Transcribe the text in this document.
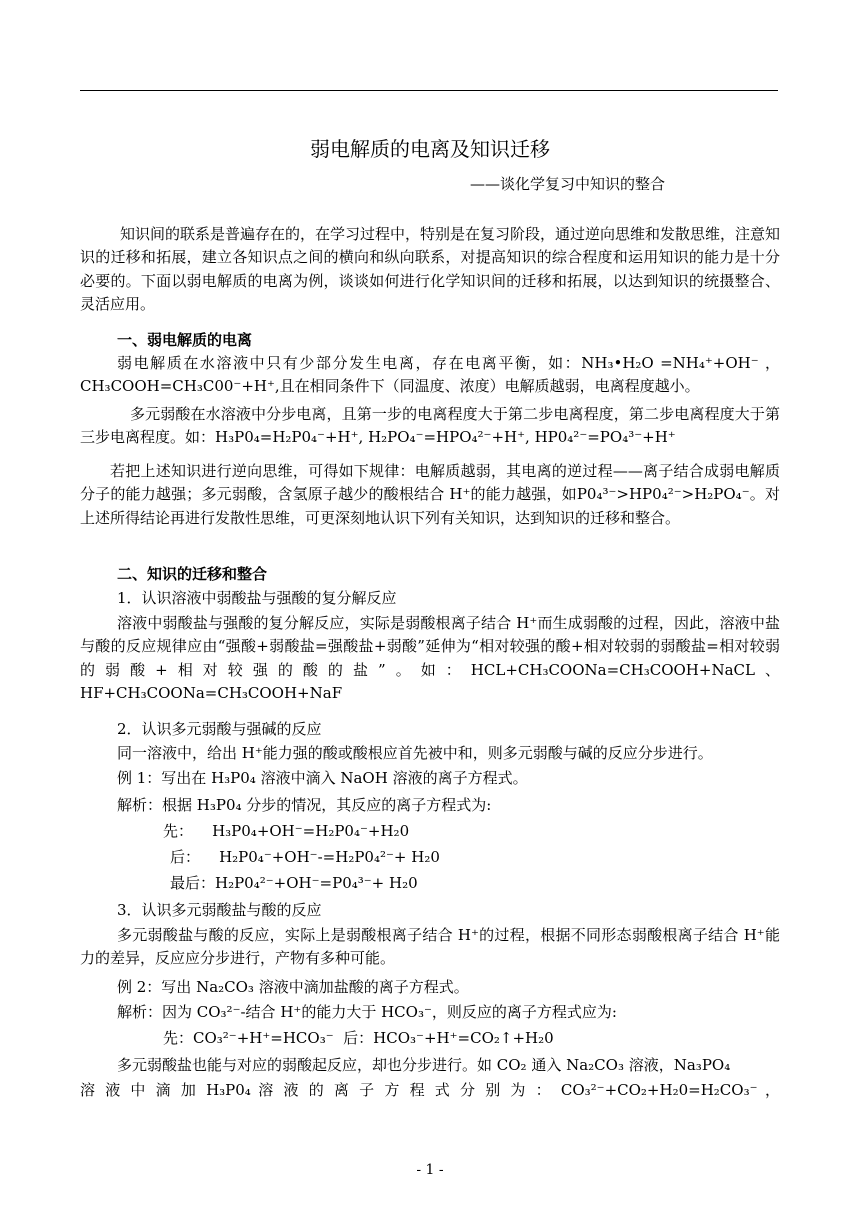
弱电解质的电离及知识迁移
——谈化学复习中知识的整合

知识间的联系是普遍存在的，在学习过程中，特别是在复习阶段，通过逆向思维和发散思维，注意知识的迁移和拓展，建立各知识点之间的横向和纵向联系，对提高知识的综合程度和运用知识的能力是十分必要的。下面以弱电解质的电离为例，谈谈如何进行化学知识间的迁移和拓展，以达到知识的统摄整合、灵活应用。

一、弱电解质的电离

弱电解质在水溶液中只有少部分发生电离，存在电离平衡，如：NH₃•H₂O =NH₄⁺+OH⁻ ，CH₃COOH=CH₃C00⁻+H⁺,且在相同条件下（同温度、浓度）电解质越弱，电离程度越小。

多元弱酸在水溶液中分步电离，且第一步的电离程度大于第二步电离程度，第二步电离程度大于第三步电离程度。如：H₃P0₄=H₂P0₄⁻+H⁺, H₂PO₄⁻=HPO₄²⁻+H⁺, HP0₄²⁻=PO₄³⁻+H⁺

若把上述知识进行逆向思维，可得如下规律：电解质越弱，其电离的逆过程——离子结合成弱电解质分子的能力越强；多元弱酸，含氢原子越少的酸根结合 H⁺的能力越强，如P0₄³⁻>HP0₄²⁻>H₂PO₄⁻。对上述所得结论再进行发散性思维，可更深刻地认识下列有关知识，达到知识的迁移和整合。

二、知识的迁移和整合

1．认识溶液中弱酸盐与强酸的复分解反应

溶液中弱酸盐与强酸的复分解反应，实际是弱酸根离子结合 H⁺而生成弱酸的过程，因此，溶液中盐与酸的反应规律应由“强酸+弱酸盐=强酸盐+弱酸”延伸为“相对较强的酸+相对较弱的弱酸盐=相对较弱的弱酸+相对较强的酸的盐”。如：HCL+CH₃COONa=CH₃COOH+NaCL、HF+CH₃COONa=CH₃COOH+NaF

2．认识多元弱酸与强碱的反应

同一溶液中，给出 H⁺能力强的酸或酸根应首先被中和，则多元弱酸与碱的反应分步进行。

例 1：写出在 H₃P0₄ 溶液中滴入 NaOH 溶液的离子方程式。

解析：根据 H₃P0₄ 分步的情况，其反应的离子方程式为:

先：    H₃P0₄+OH⁻=H₂P0₄⁻+H₂0

后：    H₂P0₄⁻+OH⁻-=H₂P0₄²⁻+ H₂0

最后：H₂P0₄²⁻+OH⁻=P0₄³⁻+ H₂0

3．认识多元弱酸盐与酸的反应

多元弱酸盐与酸的反应，实际上是弱酸根离子结合 H⁺的过程，根据不同形态弱酸根离子结合 H⁺能力的差异，反应应分步进行，产物有多种可能。

例 2：写出 Na₂CO₃ 溶液中滴加盐酸的离子方程式。

解析：因为 CO₃²⁻-结合 H⁺的能力大于 HCO₃⁻，则反应的离子方程式应为:

先：CO₃²⁻+H⁺=HCO₃⁻  后：HCO₃⁻+H⁺=CO₂↑+H₂0

多元弱酸盐也能与对应的弱酸起反应，却也分步进行。如 CO₂ 通入 Na₂CO₃ 溶液，Na₃PO₄

溶 液 中 滴 加 H₃P0₄ 溶 液 的 离 子 方 程 式 分 别 为 ： CO₃²⁻+CO₂+H₂0=H₂CO₃⁻ ，

- 1 -
